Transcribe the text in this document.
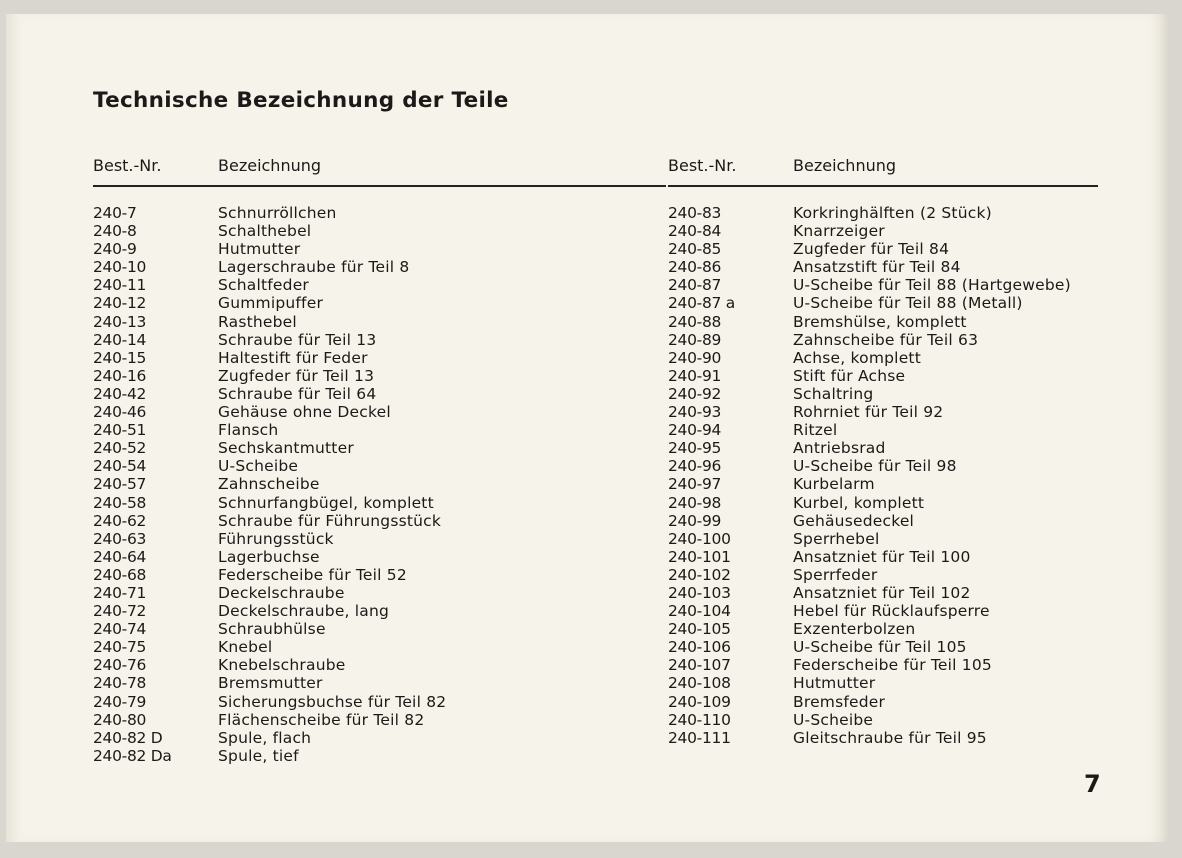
Technische Bezeichnung der Teile
Best.-Nr.	Bezeichnung	Best.-Nr.	Bezeichnung
240-7	Schnurröllchen
240-8	Schalthebel
240-9	Hutmutter
240-10	Lagerschraube für Teil 8
240-11	Schaltfeder
240-12	Gummipuffer
240-13	Rasthebel
240-14	Schraube für Teil 13
240-15	Haltestift für Feder
240-16	Zugfeder für Teil 13
240-42	Schraube für Teil 64
240-46	Gehäuse ohne Deckel
240-51	Flansch
240-52	Sechskantmutter
240-54	U-Scheibe
240-57	Zahnscheibe
240-58	Schnurfangbügel, komplett
240-62	Schraube für Führungsstück
240-63	Führungsstück
240-64	Lagerbuchse
240-68	Federscheibe für Teil 52
240-71	Deckelschraube
240-72	Deckelschraube, lang
240-74	Schraubhülse
240-75	Knebel
240-76	Knebelschraube
240-78	Bremsmutter
240-79	Sicherungsbuchse für Teil 82
240-80	Flächenscheibe für Teil 82
240-82 D	Spule, flach
240-82 Da	Spule, tief
240-83	Korkringhälften (2 Stück)
240-84	Knarrzeiger
240-85	Zugfeder für Teil 84
240-86	Ansatzstift für Teil 84
240-87	U-Scheibe für Teil 88 (Hartgewebe)
240-87 a	U-Scheibe für Teil 88 (Metall)
240-88	Bremshülse, komplett
240-89	Zahnscheibe für Teil 63
240-90	Achse, komplett
240-91	Stift für Achse
240-92	Schaltring
240-93	Rohrniet für Teil 92
240-94	Ritzel
240-95	Antriebsrad
240-96	U-Scheibe für Teil 98
240-97	Kurbelarm
240-98	Kurbel, komplett
240-99	Gehäusedeckel
240-100	Sperrhebel
240-101	Ansatzniet für Teil 100
240-102	Sperrfeder
240-103	Ansatzniet für Teil 102
240-104	Hebel für Rücklaufsperre
240-105	Exzenterbolzen
240-106	U-Scheibe für Teil 105
240-107	Federscheibe für Teil 105
240-108	Hutmutter
240-109	Bremsfeder
240-110	U-Scheibe
240-111	Gleitschraube für Teil 95
7
